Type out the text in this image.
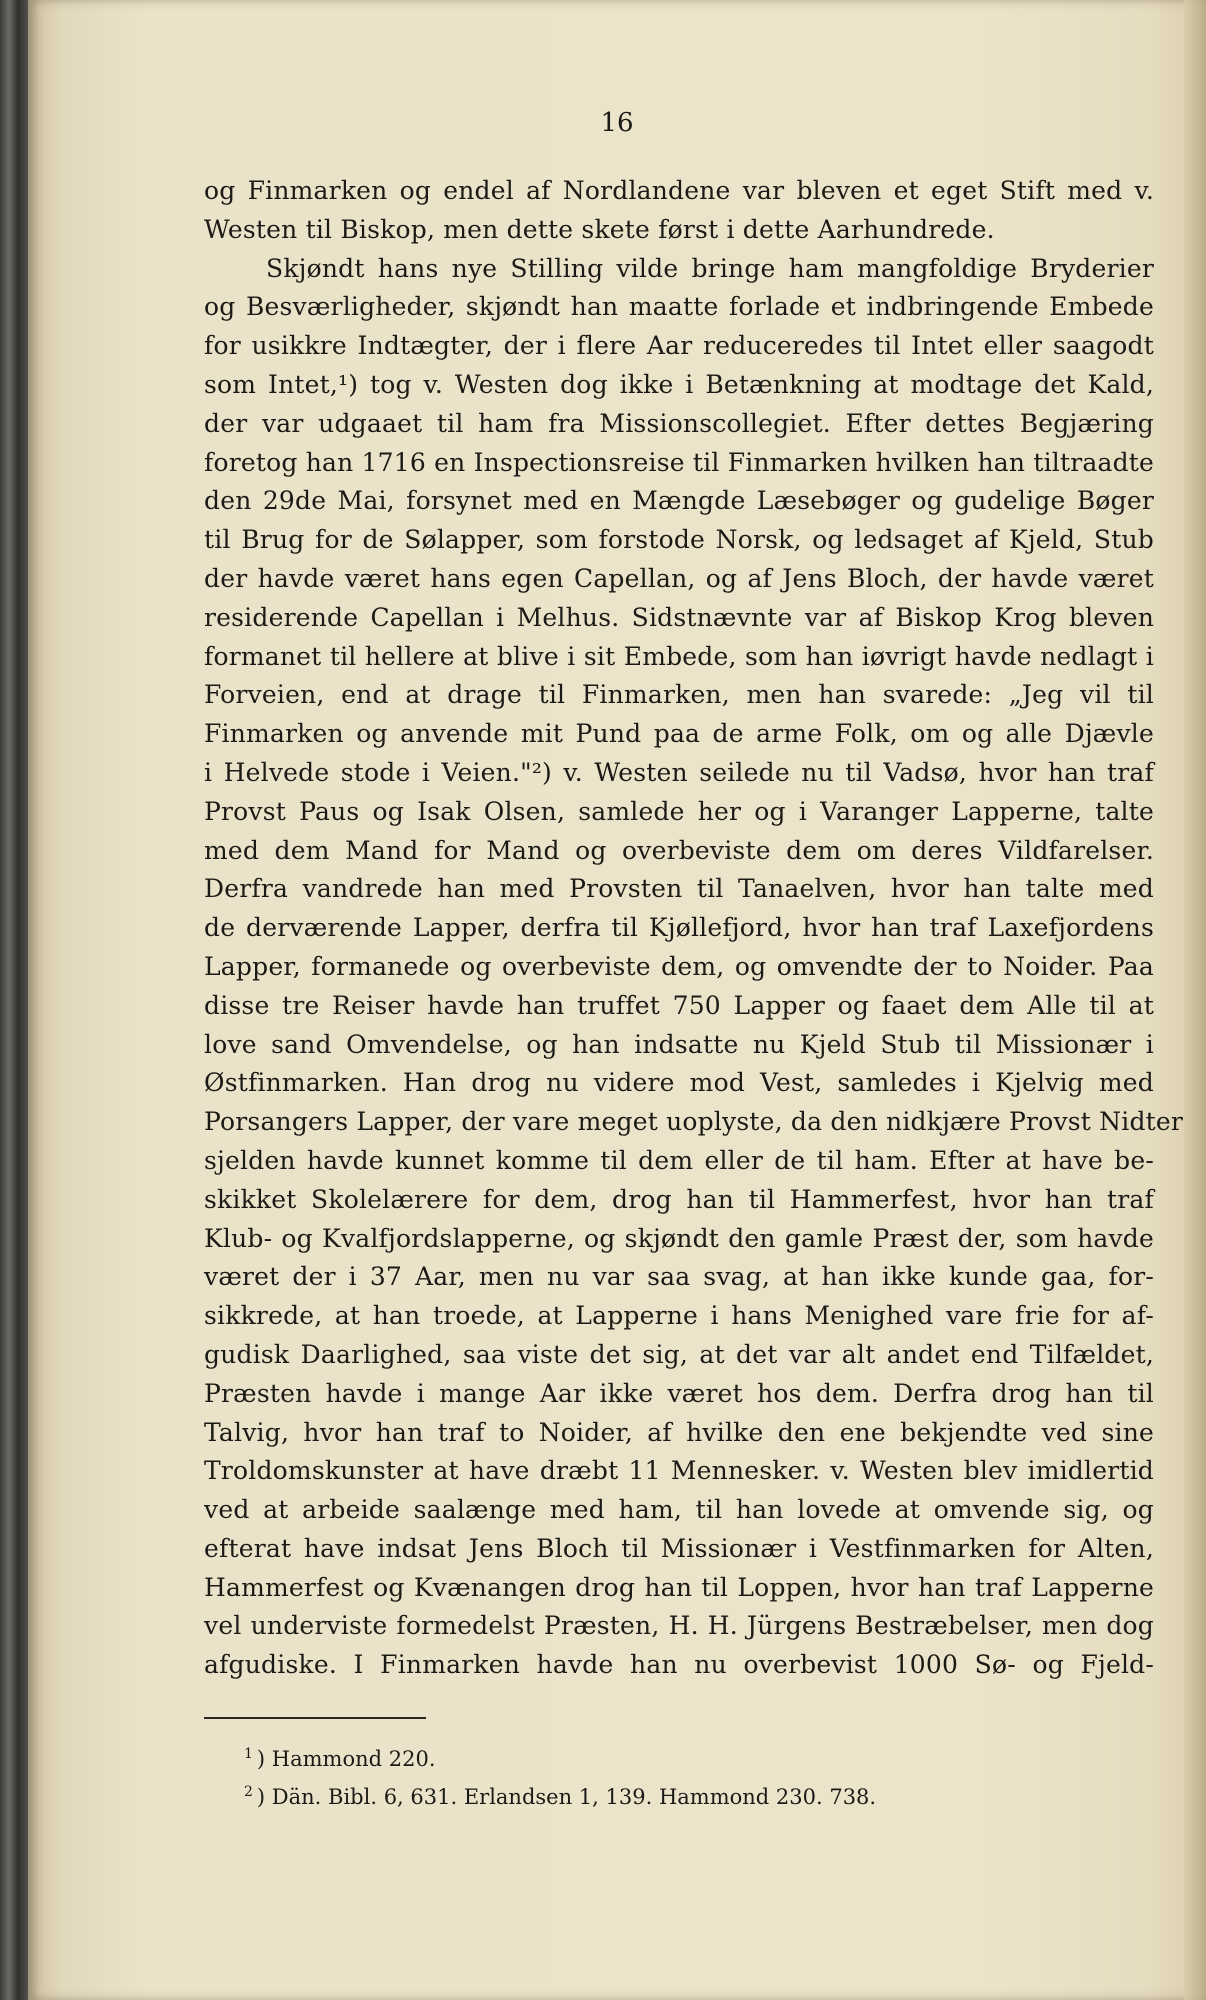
16
og Finmarken og endel af Nordlandene var bleven et eget Stift med v.
Westen til Biskop, men dette skete først i dette Aarhundrede.
Skjøndt hans nye Stilling vilde bringe ham mangfoldige Bryderier
og Besværligheder, skjøndt han maatte forlade et indbringende Embede
for usikkre Indtægter, der i flere Aar reduceredes til Intet eller saagodt
som Intet,¹) tog v. Westen dog ikke i Betænkning at modtage det Kald,
der var udgaaet til ham fra Missionscollegiet. Efter dettes Begjæring
foretog han 1716 en Inspectionsreise til Finmarken hvilken han tiltraadte
den 29de Mai, forsynet med en Mængde Læsebøger og gudelige Bøger
til Brug for de Sølapper, som forstode Norsk, og ledsaget af Kjeld, Stub
der havde været hans egen Capellan, og af Jens Bloch, der havde været
residerende Capellan i Melhus. Sidstnævnte var af Biskop Krog bleven
formanet til hellere at blive i sit Embede, som han iøvrigt havde nedlagt i
Forveien, end at drage til Finmarken, men han svarede: „Jeg vil til
Finmarken og anvende mit Pund paa de arme Folk, om og alle Djævle
i Helvede stode i Veien."²) v. Westen seilede nu til Vadsø, hvor han traf
Provst Paus og Isak Olsen, samlede her og i Varanger Lapperne, talte
med dem Mand for Mand og overbeviste dem om deres Vildfarelser.
Derfra vandrede han med Provsten til Tanaelven, hvor han talte med
de derværende Lapper, derfra til Kjøllefjord, hvor han traf Laxefjordens
Lapper, formanede og overbeviste dem, og omvendte der to Noider. Paa
disse tre Reiser havde han truffet 750 Lapper og faaet dem Alle til at
love sand Omvendelse, og han indsatte nu Kjeld Stub til Missionær i
Østfinmarken. Han drog nu videre mod Vest, samledes i Kjelvig med
Porsangers Lapper, der vare meget uoplyste, da den nidkjære Provst Nidter
sjelden havde kunnet komme til dem eller de til ham. Efter at have be-
skikket Skolelærere for dem, drog han til Hammerfest, hvor han traf
Klub- og Kvalfjordslapperne, og skjøndt den gamle Præst der, som havde
været der i 37 Aar, men nu var saa svag, at han ikke kunde gaa, for-
sikkrede, at han troede, at Lapperne i hans Menighed vare frie for af-
gudisk Daarlighed, saa viste det sig, at det var alt andet end Tilfældet,
Præsten havde i mange Aar ikke været hos dem. Derfra drog han til
Talvig, hvor han traf to Noider, af hvilke den ene bekjendte ved sine
Troldomskunster at have dræbt 11 Mennesker. v. Westen blev imidlertid
ved at arbeide saalænge med ham, til han lovede at omvende sig, og
efterat have indsat Jens Bloch til Missionær i Vestfinmarken for Alten,
Hammerfest og Kvænangen drog han til Loppen, hvor han traf Lapperne
vel underviste formedelst Præsten, H. H. Jürgens Bestræbelser, men dog
afgudiske. I Finmarken havde han nu overbevist 1000 Sø- og Fjeld-
$^1$ ) Hammond 220.
$^2$ ) Dän. Bibl. 6, 631. Erlandsen 1, 139. Hammond 230. 738.
